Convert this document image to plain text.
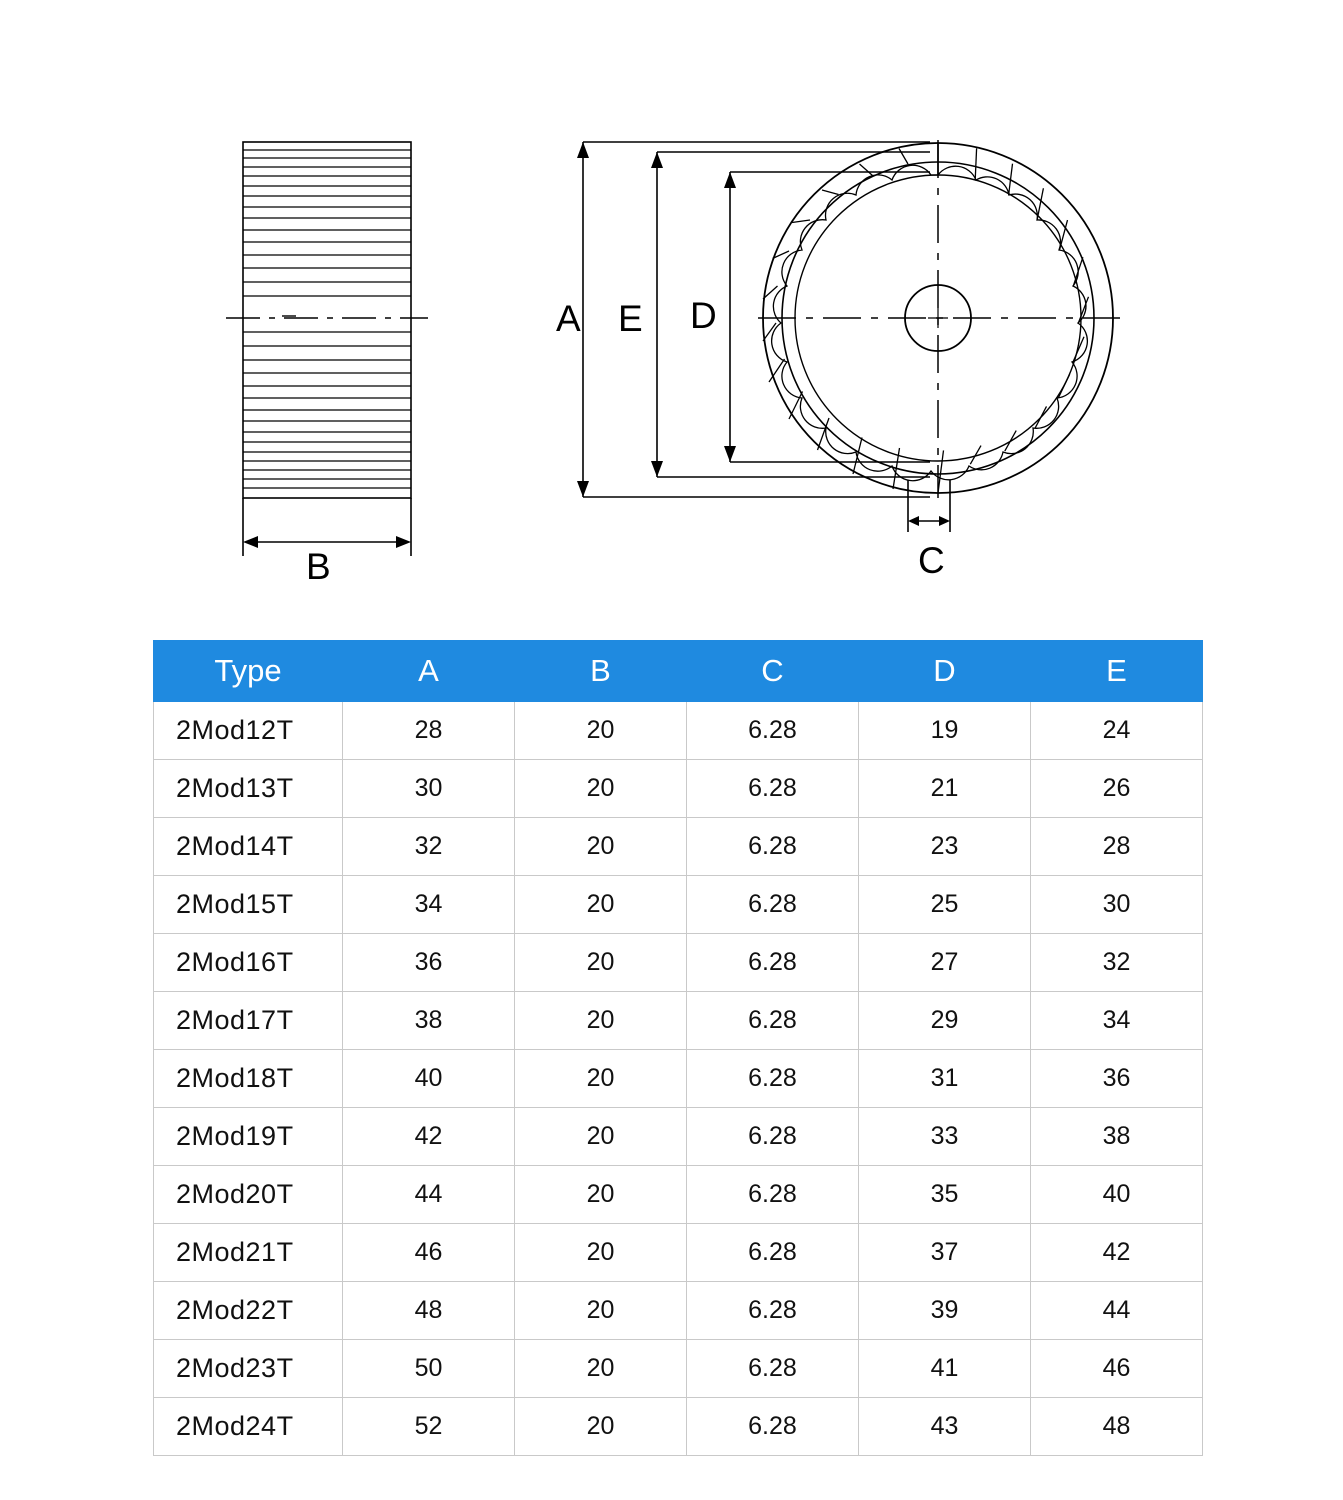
B
A E D
C
Type	A	B	C	D	E
2Mod12T	28	20	6.28	19	24
2Mod13T	30	20	6.28	21	26
2Mod14T	32	20	6.28	23	28
2Mod15T	34	20	6.28	25	30
2Mod16T	36	20	6.28	27	32
2Mod17T	38	20	6.28	29	34
2Mod18T	40	20	6.28	31	36
2Mod19T	42	20	6.28	33	38
2Mod20T	44	20	6.28	35	40
2Mod21T	46	20	6.28	37	42
2Mod22T	48	20	6.28	39	44
2Mod23T	50	20	6.28	41	46
2Mod24T	52	20	6.28	43	48
